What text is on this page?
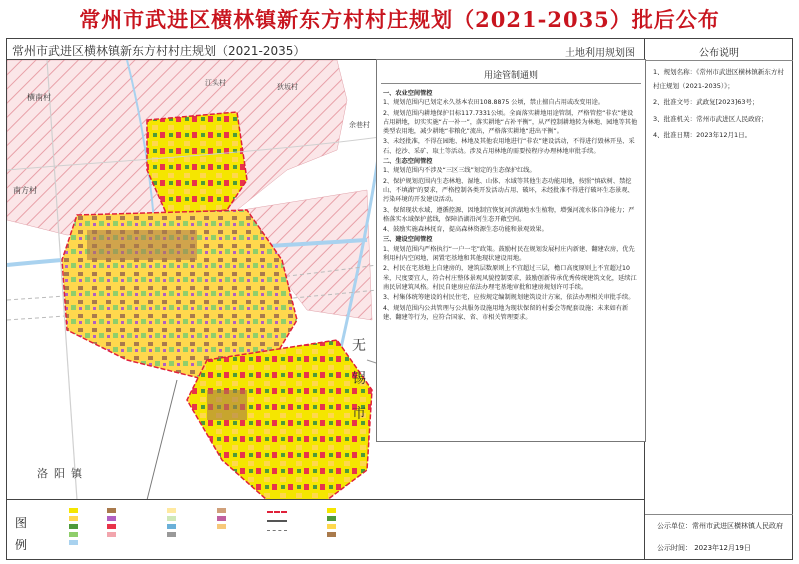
常州市武进区横林镇新东方村村庄规划（2021-2035）批后公布
常州市武进区横林镇新东方村村庄规划（2021-2035）	土地利用规划图
横南村
南方村
江头村	狄坂村
余巷村
无
锡
市
洛阳镇
用途管制通则
一、农业空间管控
1、规划范围内已划定永久基本农田108.8875 公顷，禁止擅自占用或改变用途。
2、规划范围内耕地保护目标117.7331公顷。全面落实耕地用途管制，严格管控“非农”建设占用耕地，切实实施“占一补一”，落实耕地“占补平衡”，从严控制耕地转为林地、园地等其他类型农用地，减少耕地“非粮化”流出，严格落实耕地“进出平衡”。
3、未经批准，不得在园地、林地及其他农用地进行“非农”建设活动，不得进行毁林开垦、采石、挖沙、采矿、取土等活动。涉及占用林地的需要按程序办理林地审批手续。
二、生态空间管控
1、规划范围内不涉及“三区三线”划定的生态保护红线。
2、保护规划范围内生态林地、湿地、山体、水域等其他生态功能用地，按照“慎砍树、禁挖山、不填湖”的要求，严格控制各类开发活动占用、破坏，未经批准不得进行破坏生态景观、污染环境的开发建设活动。
3、保留现状水域，遵循控源、因地制宜恢复河滨湖地水生植物，增强河流水体自净能力；严格落实水域保护蓝线，保障沿湖沿河生态开敞空间。
4、鼓励实施森林抚育，提高森林资源生态功能和景观效果。
三、建设空间管控
1、规划范围内严格执行“一户一宅”政策。鼓励村民在规划发展村庄内新建、翻建农房，优先利用村内空闲地、闲置宅基地和其他现状建设用地。
2、村民在宅基地上自建房的，建筑层数原则上不宜超过三层，檐口高度原则上不宜超过10米，尺度要宜人，符合村庄整体景观风貌控制要求，鼓励创新传承优秀传统建筑文化，延续江南民居建筑风格。村民自建房应依法办理宅基地审批和建房规划许可手续。
3、村集体统筹建设的村民住宅，应按规定编制规划建筑设计方案，依法办理相关审批手续。
4、规划范围内公共管理与公共服务设施用地为现状保留的村委会等配套设施；未来如有新建、翻建等行为，应符合国家、省、市相关管理要求。
图例
公布说明
1、规划名称：《常州市武进区横林镇新东方村村庄规划（2021-2035）》；
2、批准文号：武政复[2023]63号；
3、批准机关：常州市武进区人民政府；
4、批准日期：2023年12月1日。
公示单位：常州市武进区横林镇人民政府
公示时间： 2023年12月19日
